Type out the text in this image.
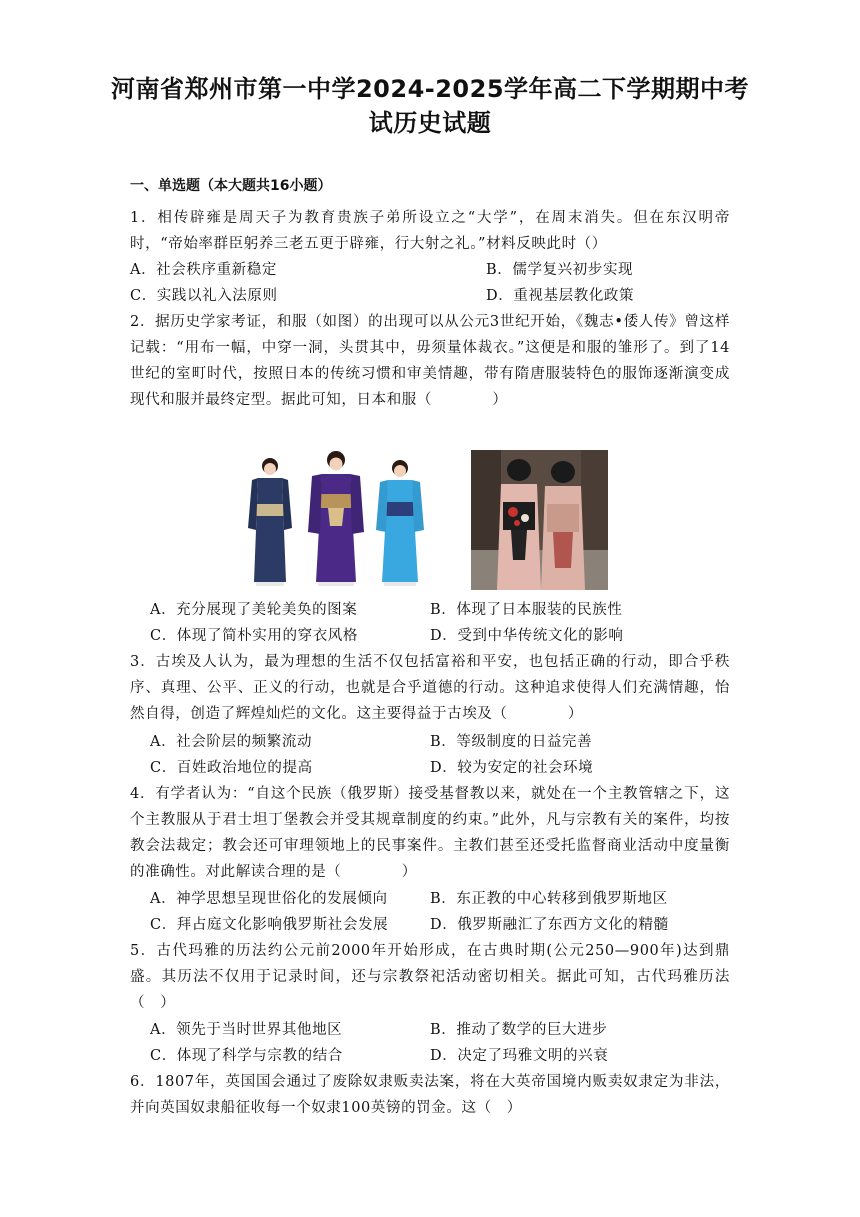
河南省郑州市第一中学2024-2025学年高二下学期期中考
试历史试题
一、单选题（本大题共16小题）
1．相传辟雍是周天子为教育贵族子弟所设立之“大学”，在周末消失。但在东汉明帝时，“帝始率群臣躬养三老五更于辟雍，行大射之礼。”材料反映此时（）
A．社会秩序重新稳定	B．儒学复兴初步实现
C．实践以礼入法原则	D．重视基层教化政策
2．据历史学家考证，和服（如图）的出现可以从公元3世纪开始，《魏志•倭人传》曾这样记载：“用布一幅，中穿一洞，头贯其中，毋须量体裁衣。”这便是和服的雏形了。到了14世纪的室町时代，按照日本的传统习惯和审美情趣，带有隋唐服装特色的服饰逐渐演变成现代和服并最终定型。据此可知，日本和服（　　　　）
A．充分展现了美轮美奂的图案	B．体现了日本服装的民族性
C．体现了简朴实用的穿衣风格	D．受到中华传统文化的影响
3．古埃及人认为，最为理想的生活不仅包括富裕和平安，也包括正确的行动，即合乎秩序、真理、公平、正义的行动，也就是合乎道德的行动。这种追求使得人们充满情趣，怡然自得，创造了辉煌灿烂的文化。这主要得益于古埃及（　　　　）
A．社会阶层的频繁流动	B．等级制度的日益完善
C．百姓政治地位的提高	D．较为安定的社会环境
4．有学者认为：“自这个民族（俄罗斯）接受基督教以来，就处在一个主教管辖之下，这个主教服从于君士坦丁堡教会并受其规章制度的约束。”此外，凡与宗教有关的案件，均按教会法裁定；教会还可审理领地上的民事案件。主教们甚至还受托监督商业活动中度量衡的准确性。对此解读合理的是（　　　　）
A．神学思想呈现世俗化的发展倾向	B．东正教的中心转移到俄罗斯地区
C．拜占庭文化影响俄罗斯社会发展	D．俄罗斯融汇了东西方文化的精髓
5．古代玛雅的历法约公元前2000年开始形成，在古典时期(公元250—900年)达到鼎盛。其历法不仅用于记录时间，还与宗教祭祀活动密切相关。据此可知，古代玛雅历法（　）
A．领先于当时世界其他地区	B．推动了数学的巨大进步
C．体现了科学与宗教的结合	D．决定了玛雅文明的兴衰
6．1807年，英国国会通过了废除奴隶贩卖法案，将在大英帝国境内贩卖奴隶定为非法，并向英国奴隶船征收每一个奴隶100英镑的罚金。这（　）
